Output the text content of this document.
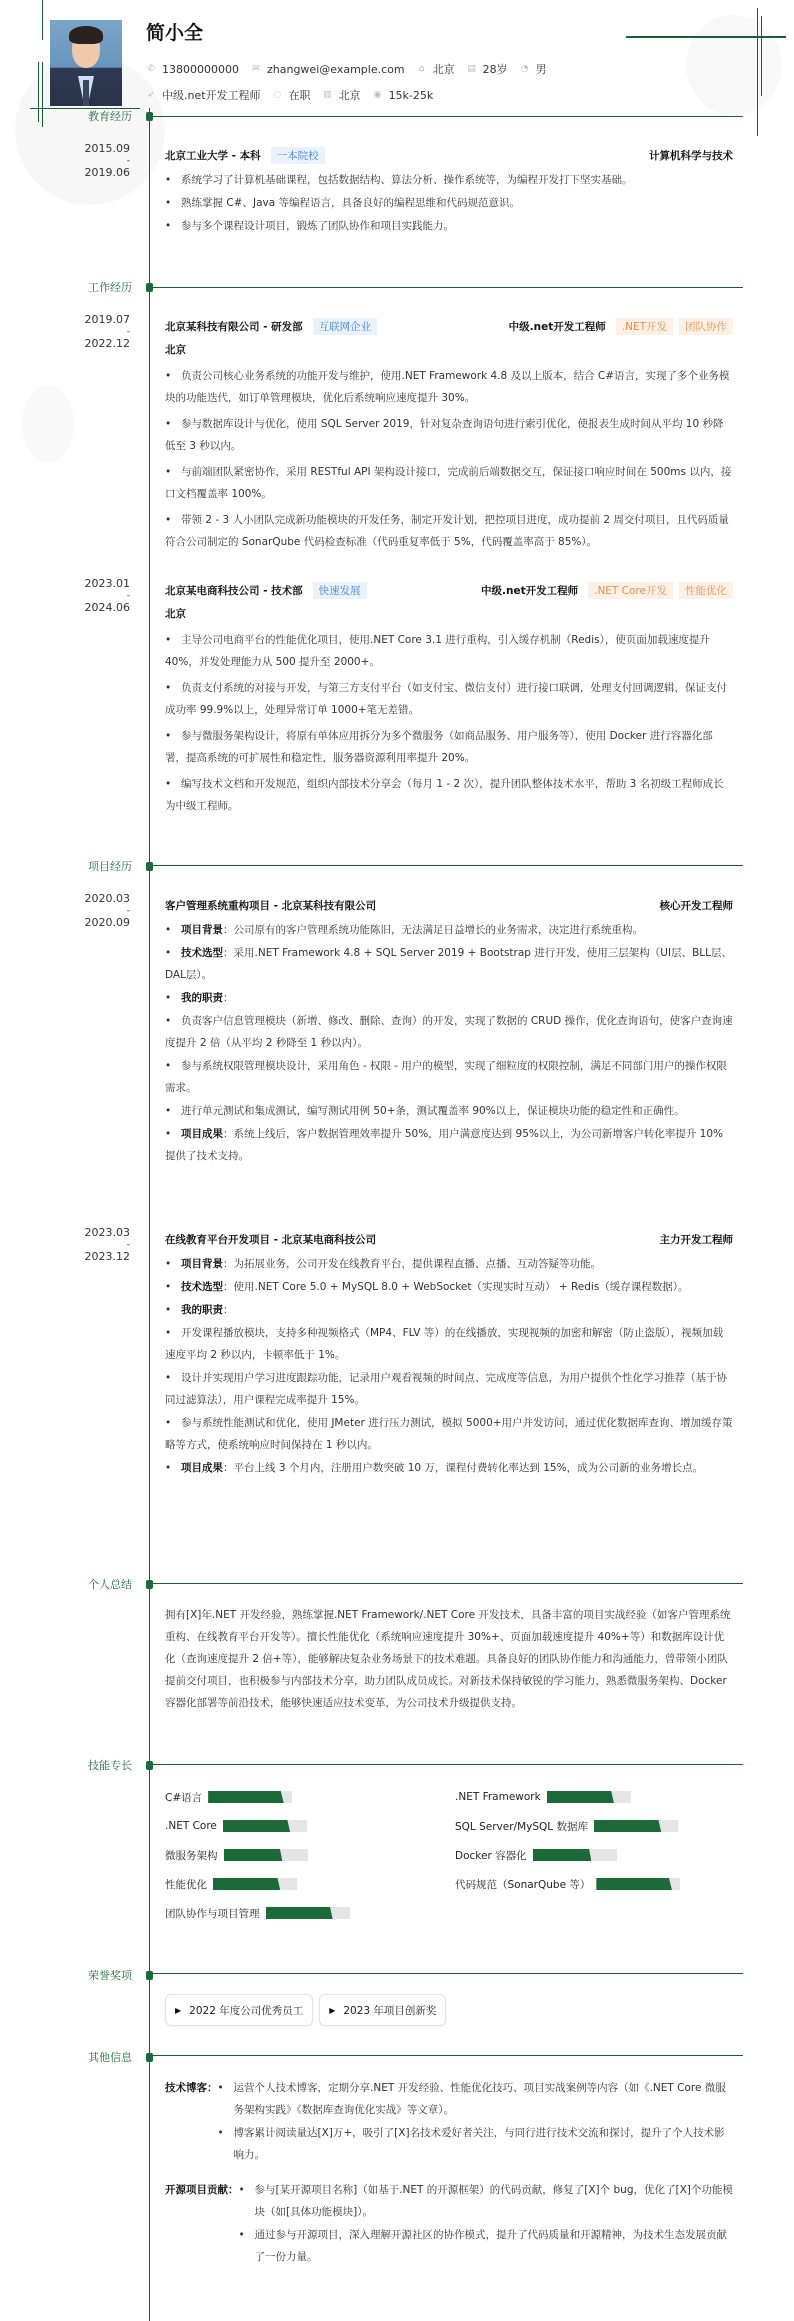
简小全
✆ 13800000000 ✉ zhangwei@example.com ⌂ 北京 ▤ 28岁 ◔ 男
➶ 中级.net开发工程师 ◌ 在职 ▥ 北京 ◉ 15k-25k
教育经历
2015.09
-
2019.06
北京工业大学 - 本科	一本院校	计算机科学与技术
• 系统学习了计算机基础课程，包括数据结构、算法分析、操作系统等，为编程开发打下坚实基础。
• 熟练掌握 C#、Java 等编程语言，具备良好的编程思维和代码规范意识。
• 参与多个课程设计项目，锻炼了团队协作和项目实践能力。
工作经历
2019.07
-
2022.12
北京某科技有限公司 - 研发部	互联网企业	中级.net开发工程师	.NET开发	团队协作
北京
• 负责公司核心业务系统的功能开发与维护，使用.NET Framework 4.8 及以上版本，结合 C#语言，实现了多个业务模块的功能迭代，如订单管理模块，优化后系统响应速度提升 30%。
• 参与数据库设计与优化，使用 SQL Server 2019，针对复杂查询语句进行索引优化，使报表生成时间从平均 10 秒降低至 3 秒以内。
• 与前端团队紧密协作，采用 RESTful API 架构设计接口，完成前后端数据交互，保证接口响应时间在 500ms 以内，接口文档覆盖率 100%。
• 带领 2 - 3 人小团队完成新功能模块的开发任务，制定开发计划，把控项目进度，成功提前 2 周交付项目，且代码质量符合公司制定的 SonarQube 代码检查标准（代码重复率低于 5%，代码覆盖率高于 85%）。
2023.01
-
2024.06
北京某电商科技公司 - 技术部	快速发展	中级.net开发工程师	.NET Core开发	性能优化
北京
• 主导公司电商平台的性能优化项目，使用.NET Core 3.1 进行重构，引入缓存机制（Redis），使页面加载速度提升 40%，并发处理能力从 500 提升至 2000+。
• 负责支付系统的对接与开发，与第三方支付平台（如支付宝、微信支付）进行接口联调，处理支付回调逻辑，保证支付成功率 99.9%以上，处理异常订单 1000+笔无差错。
• 参与微服务架构设计，将原有单体应用拆分为多个微服务（如商品服务、用户服务等），使用 Docker 进行容器化部署，提高系统的可扩展性和稳定性，服务器资源利用率提升 20%。
• 编写技术文档和开发规范，组织内部技术分享会（每月 1 - 2 次），提升团队整体技术水平，帮助 3 名初级工程师成长为中级工程师。
项目经历
2020.03
-
2020.09
客户管理系统重构项目 - 北京某科技有限公司	核心开发工程师
• 项目背景：公司原有的客户管理系统功能陈旧，无法满足日益增长的业务需求，决定进行系统重构。
• 技术选型：采用.NET Framework 4.8 + SQL Server 2019 + Bootstrap 进行开发，使用三层架构（UI层、BLL层、DAL层）。
• 我的职责：
• 负责客户信息管理模块（新增、修改、删除、查询）的开发，实现了数据的 CRUD 操作，优化查询语句，使客户查询速度提升 2 倍（从平均 2 秒降至 1 秒以内）。
• 参与系统权限管理模块设计，采用角色 - 权限 - 用户的模型，实现了细粒度的权限控制，满足不同部门用户的操作权限需求。
• 进行单元测试和集成测试，编写测试用例 50+条，测试覆盖率 90%以上，保证模块功能的稳定性和正确性。
• 项目成果：系统上线后，客户数据管理效率提升 50%，用户满意度达到 95%以上，为公司新增客户转化率提升 10%提供了技术支持。
2023.03
-
2023.12
在线教育平台开发项目 - 北京某电商科技公司	主力开发工程师
• 项目背景：为拓展业务，公司开发在线教育平台，提供课程直播、点播、互动答疑等功能。
• 技术选型：使用.NET Core 5.0 + MySQL 8.0 + WebSocket（实现实时互动） + Redis（缓存课程数据）。
• 我的职责：
• 开发课程播放模块，支持多种视频格式（MP4、FLV 等）的在线播放，实现视频的加密和解密（防止盗版），视频加载速度平均 2 秒以内，卡顿率低于 1%。
• 设计并实现用户学习进度跟踪功能，记录用户观看视频的时间点、完成度等信息，为用户提供个性化学习推荐（基于协同过滤算法），用户课程完成率提升 15%。
• 参与系统性能测试和优化，使用 JMeter 进行压力测试，模拟 5000+用户并发访问，通过优化数据库查询、增加缓存策略等方式，使系统响应时间保持在 1 秒以内。
• 项目成果：平台上线 3 个月内，注册用户数突破 10 万，课程付费转化率达到 15%，成为公司新的业务增长点。
个人总结
拥有[X]年.NET 开发经验，熟练掌握.NET Framework/.NET Core 开发技术，具备丰富的项目实战经验（如客户管理系统重构、在线教育平台开发等）。擅长性能优化（系统响应速度提升 30%+、页面加载速度提升 40%+等）和数据库设计优化（查询速度提升 2 倍+等），能够解决复杂业务场景下的技术难题。具备良好的团队协作能力和沟通能力，曾带领小团队提前交付项目，也积极参与内部技术分享，助力团队成员成长。对新技术保持敏锐的学习能力，熟悉微服务架构、Docker 容器化部署等前沿技术，能够快速适应技术变革，为公司技术升级提供支持。
技能专长
C#语言	.NET Framework
.NET Core	SQL Server/MySQL 数据库
微服务架构	Docker 容器化
性能优化	代码规范（SonarQube 等）
团队协作与项目管理
荣誉奖项
▶ 2022 年度公司优秀员工	▶ 2023 年项目创新奖
其他信息
技术博客：	• 运营个人技术博客，定期分享.NET 开发经验、性能优化技巧、项目实战案例等内容（如《.NET Core 微服务架构实践》《数据库查询优化实战》等文章）。
• 博客累计阅读量达[X]万+，吸引了[X]名技术爱好者关注，与同行进行技术交流和探讨，提升了个人技术影响力。
开源项目贡献：	• 参与[某开源项目名称]（如基于.NET 的开源框架）的代码贡献，修复了[X]个 bug，优化了[X]个功能模块（如[具体功能模块]）。
• 通过参与开源项目，深入理解开源社区的协作模式，提升了代码质量和开源精神，为技术生态发展贡献了一份力量。
